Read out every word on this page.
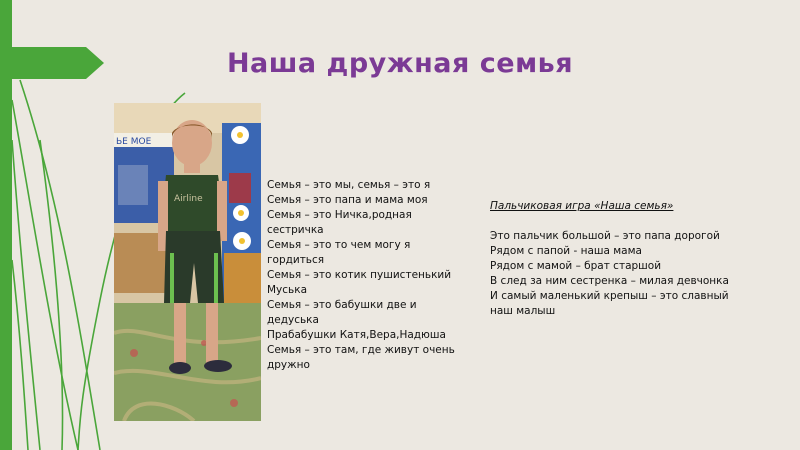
Наша дружная семья
ЬЕ МОЕ
Airline
Семья – это мы, семья – это я
Семья – это папа и мама моя
Семья – это Ничка,родная сестричка
Семья – это то чем могу я гордиться
Семья – это котик пушистенький Муська
Семья – это бабушки две и дедуська
Прабабушки Катя,Вера,Надюша
Семья – это там, где живут очень дружно
Пальчиковая игра «Наша семья»
Это пальчик большой – это папа дорогой
Рядом с папой - наша мама
Рядом с мамой – брат старшой
В след за ним сестренка – милая девчонка
И самый маленький крепыш – это славный наш малыш
